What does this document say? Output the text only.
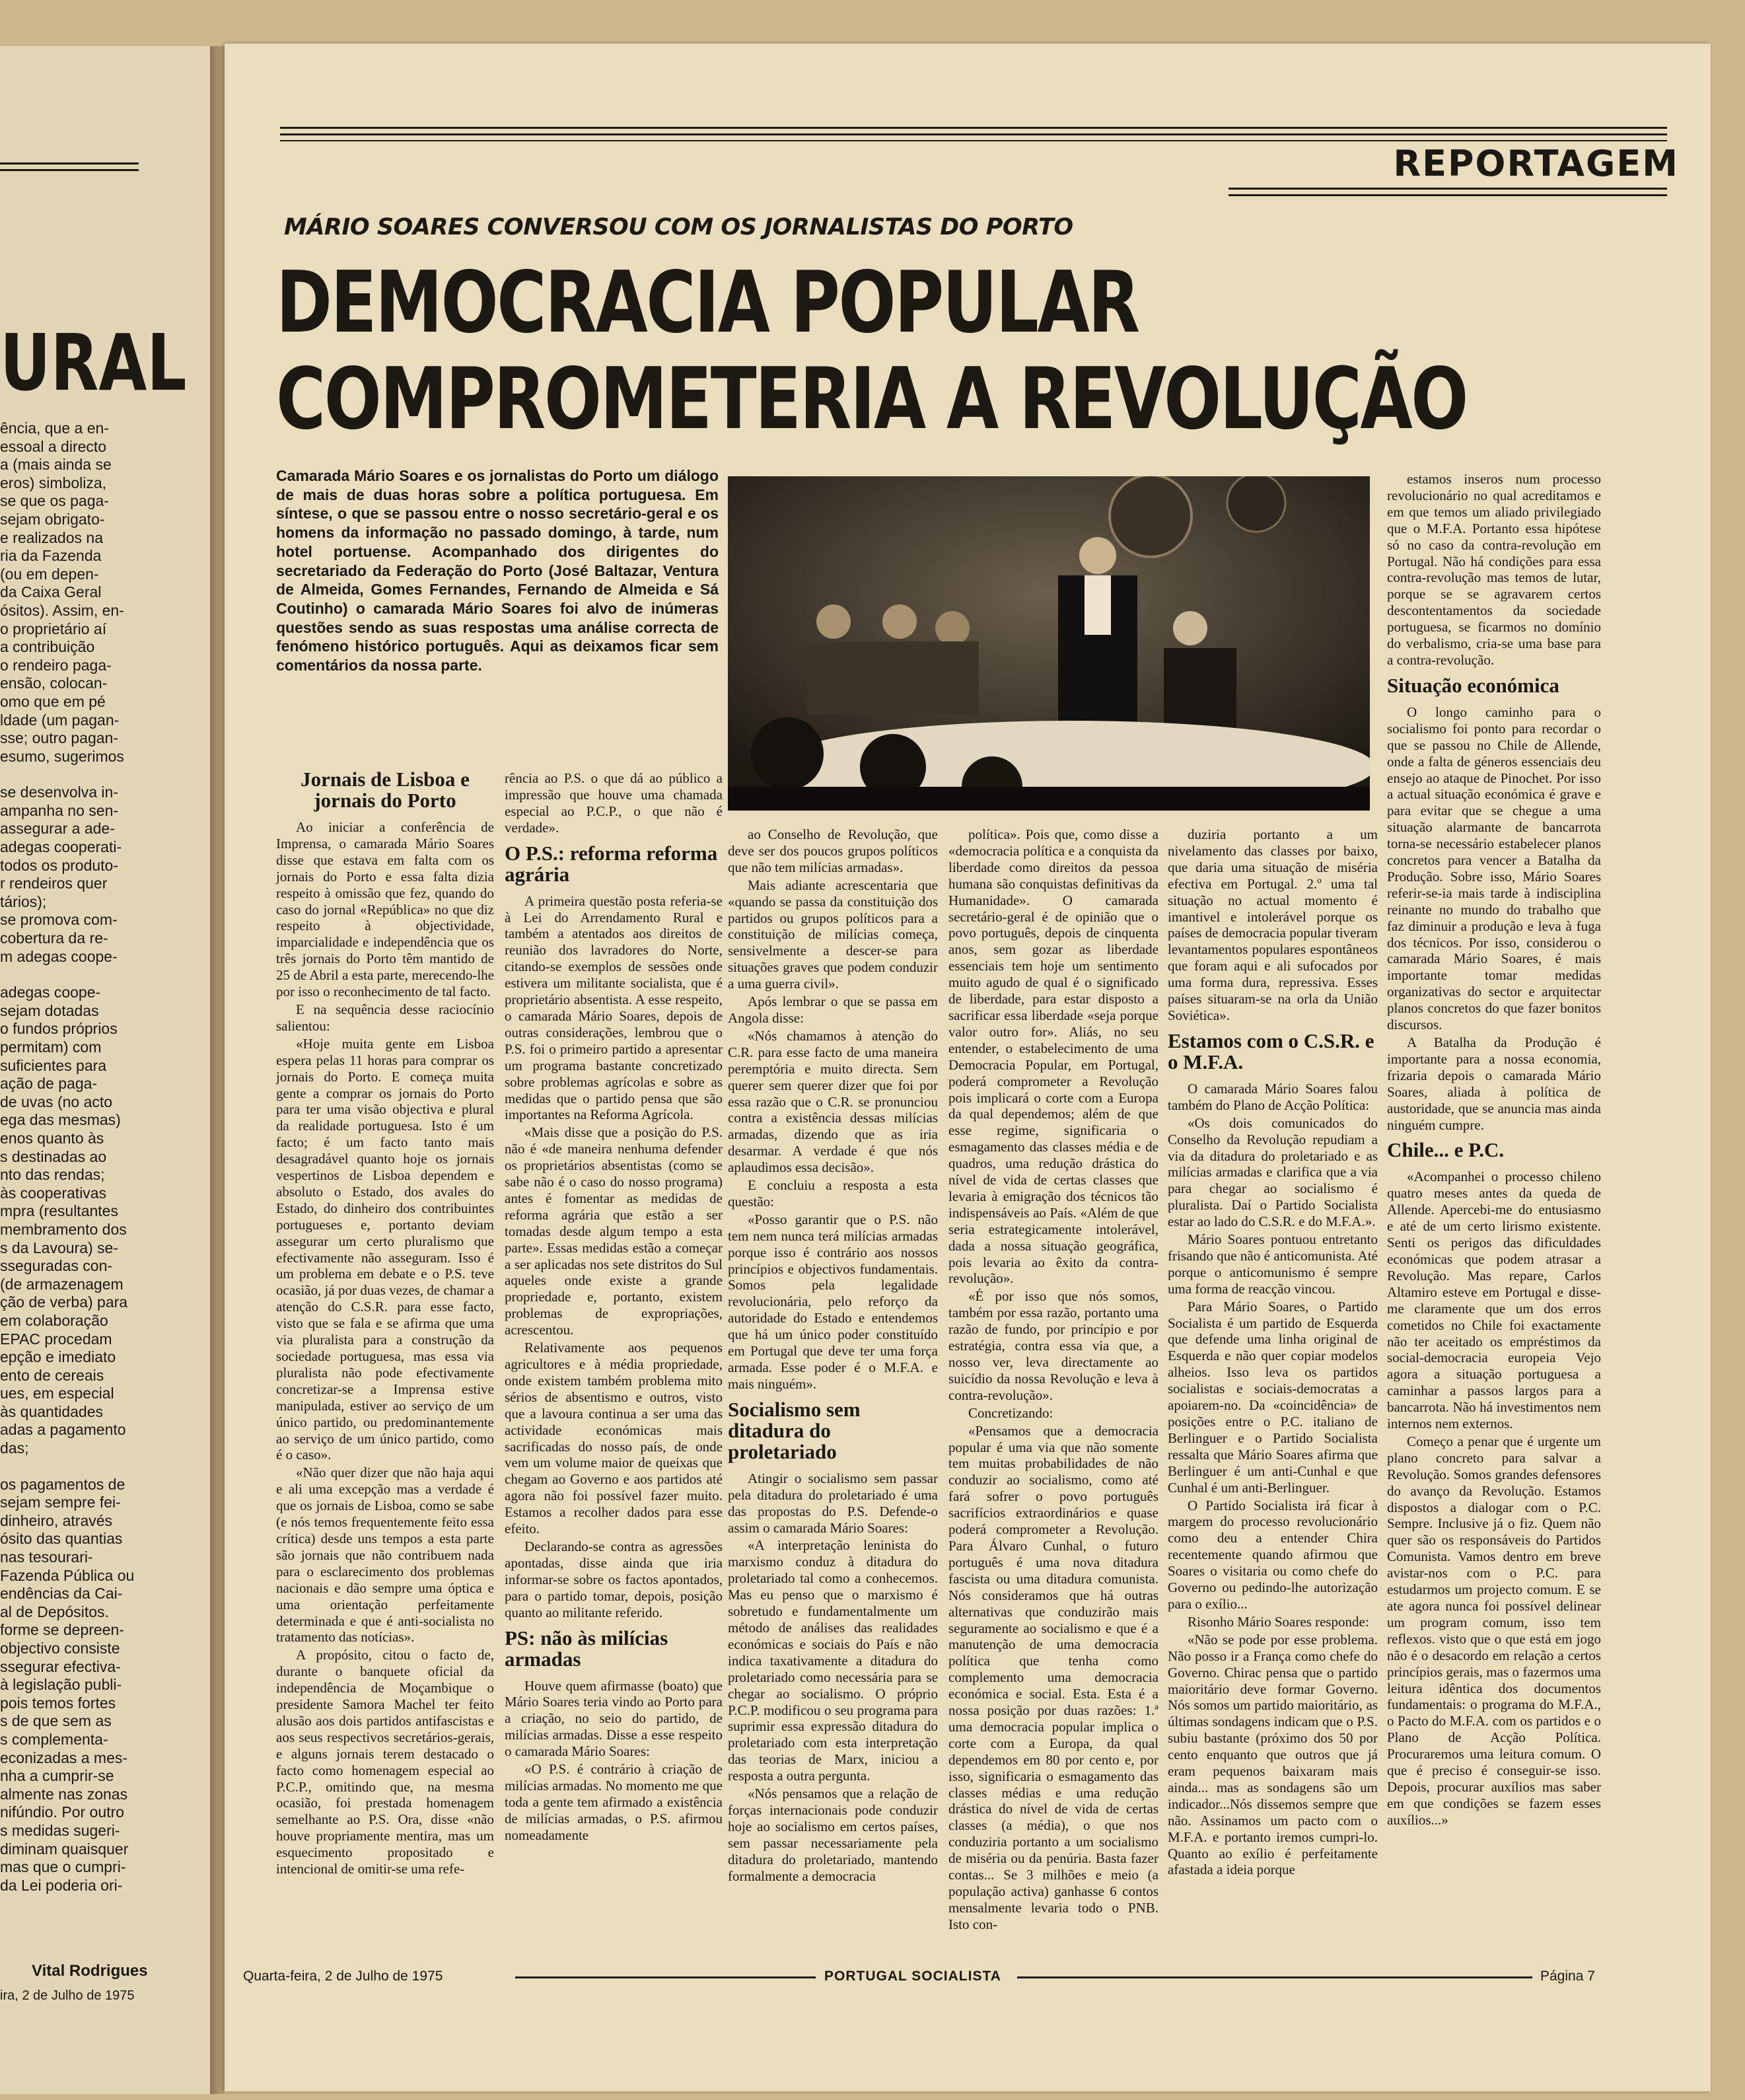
URAL

ência, que a en-

essoal a directo

a (mais ainda se

eros) simboliza,

se que os paga-

sejam obrigato-

e realizados na

ria da Fazenda

(ou em depen-

da Caixa Geral

ósitos). Assim, en-

o proprietário aí

a contribuição

o rendeiro paga-

ensão, colocan-

omo que em pé

ldade (um pagan-

sse; outro pagan-

esumo, sugerimos

se desenvolva in-

ampanha no sen-

assegurar a ade-

adegas cooperati-

todos os produto-

r rendeiros quer

tários);

se promova com-

cobertura da re-

m adegas coope-

adegas coope-

sejam dotadas

o fundos próprios

permitam) com

suficientes para

ação de paga-

de uvas (no acto

ega das mesmas)

enos quanto às

s destinadas ao

nto das rendas;

às cooperativas

mpra (resultantes

membramento dos

s da Lavoura) se-

sseguradas con-

(de armazenagem

ção de verba) para

em colaboração

EPAC procedam

epção e imediato

ento de cereais

ues, em especial

às quantidades

adas a pagamento

das;

os pagamentos de

sejam sempre fei-

dinheiro, através

ósito das quantias

nas tesourari-

Fazenda Pública ou

endências da Cai-

al de Depósitos.

forme se depreen-

objectivo consiste

ssegurar efectiva-

à legislação publi-

pois temos fortes

s de que sem as

s complementa-

econizadas a mes-

nha a cumprir-se

almente nas zonas

nifúndio. Por outro

s medidas sugeri-

diminam quaisquer

mas que o cumpri-

da Lei poderia ori-

Vital Rodrigues
ira, 2 de Julho de 1975
REPORTAGEM
MÁRIO SOARES CONVERSOU COM OS JORNALISTAS DO PORTO
DEMOCRACIA POPULAR
COMPROMETERIA A REVOLUÇÃO
Camarada Mário Soares e os jornalistas do Porto um diálogo de mais de duas horas sobre a política portuguesa. Em síntese, o que se passou entre o nosso secretário-geral e os homens da informação no passado domingo, à tarde, num hotel portuense. Acompanhado dos dirigentes do secretariado da Federação do Porto (José Baltazar, Ventura de Almeida, Gomes Fernandes, Fernando de Almeida e Sá Coutinho) o camarada Mário Soares foi alvo de inúmeras questões sendo as suas respostas uma análise correcta de fenómeno histórico português. Aqui as deixamos ficar sem comentários da nossa parte.
Jornais de Lisboa e jornais do Porto

Ao iniciar a conferência de Imprensa, o camarada Mário Soares disse que estava em falta com os jornais do Porto e essa falta dizia respeito à omissão que fez, quando do caso do jornal «República» no que diz respeito à objectividade, imparcialidade e independência que os três jornais do Porto têm mantido de 25 de Abril a esta parte, merecendo-lhe por isso o reconhecimento de tal facto.

E na sequência desse raciocínio salientou:

«Hoje muita gente em Lisboa espera pelas 11 horas para comprar os jornais do Porto. E começa muita gente a comprar os jornais do Porto para ter uma visão objectiva e plural da realidade portuguesa. Isto é um facto; é um facto tanto mais desagradável quanto hoje os jornais vespertinos de Lisboa dependem e absoluto o Estado, dos avales do Estado, do dinheiro dos contribuintes portugueses e, portanto deviam assegurar um certo pluralismo que efectivamente não asseguram. Isso é um problema em debate e o P.S. teve ocasião, já por duas vezes, de chamar a atenção do C.S.R. para esse facto, visto que se fala e se afirma que uma via pluralista para a construção da sociedade portuguesa, mas essa via pluralista não pode efectivamente concretizar-se a Imprensa estive manipulada, estiver ao serviço de um único partido, ou predominantemente ao serviço de um único partido, como é o caso».

«Não quer dizer que não haja aqui e ali uma excepção mas a verdade é que os jornais de Lisboa, como se sabe (e nós temos frequentemente feito essa crítica) desde uns tempos a esta parte são jornais que não contribuem nada para o esclarecimento dos problemas nacionais e dão sempre uma óptica e uma orientação perfeitamente determinada e que é anti-socialista no tratamento das notícias».

A propósito, citou o facto de, durante o banquete oficial da independência de Moçambique o presidente Samora Machel ter feito alusão aos dois partidos antifascistas e aos seus respectivos secretários-gerais, e alguns jornais terem destacado o facto como homenagem especial ao P.C.P., omitindo que, na mesma ocasião, foi prestada homenagem semelhante ao P.S. Ora, disse «não houve propriamente mentira, mas um esquecimento propositado e intencional de omitir-se uma refe-

rência ao P.S. o que dá ao público a impressão que houve uma chamada especial ao P.C.P., o que não é verdade».

O P.S.: reforma reforma agrária

A primeira questão posta referia-se à Lei do Arrendamento Rural e também a atentados aos direitos de reunião dos lavradores do Norte, citando-se exemplos de sessões onde estivera um militante socialista, que é proprietário absentista. A esse respeito, o camarada Mário Soares, depois de outras considerações, lembrou que o P.S. foi o primeiro partido a apresentar um programa bastante concretizado sobre problemas agrícolas e sobre as medidas que o partido pensa que são importantes na Reforma Agrícola.

«Mais disse que a posição do P.S. não é «de maneira nenhuma defender os proprietários absentistas (como se sabe não é o caso do nosso programa) antes é fomentar as medidas de reforma agrária que estão a ser tomadas desde algum tempo a esta parte». Essas medidas estão a começar a ser aplicadas nos sete distritos do Sul aqueles onde existe a grande propriedade e, portanto, existem problemas de expropriações, acrescentou.

Relativamente aos pequenos agricultores e à média propriedade, onde existem também problema mito sérios de absentismo e outros, visto que a lavoura continua a ser uma das actividade económicas mais sacrificadas do nosso país, de onde vem um volume maior de queixas que chegam ao Governo e aos partidos até agora não foi possível fazer muito. Estamos a recolher dados para esse efeito.

Declarando-se contra as agressões apontadas, disse ainda que iria informar-se sobre os factos apontados, para o partido tomar, depois, posição quanto ao militante referido.

PS: não às milícias armadas

Houve quem afirmasse (boato) que Mário Soares teria vindo ao Porto para a criação, no seio do partido, de milícias armadas. Disse a esse respeito o camarada Mário Soares:

«O P.S. é contrário à criação de milícias armadas. No momento me que toda a gente tem afirmado a existência de milícias armadas, o P.S. afirmou nomeadamente

ao Conselho de Revolução, que deve ser dos poucos grupos políticos que não tem milícias armadas».

Mais adiante acrescentaria que «quando se passa da constituição dos partidos ou grupos políticos para a constituição de milícias começa, sensivelmente a descer-se para situações graves que podem conduzir a uma guerra civil».

Após lembrar o que se passa em Angola disse:

«Nós chamamos à atenção do C.R. para esse facto de uma maneira peremptória e muito directa. Sem querer sem querer dizer que foi por essa razão que o C.R. se pronunciou contra a existência dessas milícias armadas, dizendo que as iria desarmar. A verdade é que nós aplaudimos essa decisão».

E concluiu a resposta a esta questão:

«Posso garantir que o P.S. não tem nem nunca terá milícias armadas porque isso é contrário aos nossos princípios e objectivos fundamentais. Somos pela legalidade revolucionária, pelo reforço da autoridade do Estado e entendemos que há um único poder constituído em Portugal que deve ter uma força armada. Esse poder é o M.F.A. e mais ninguém».

Socialismo sem ditadura do proletariado

Atingir o socialismo sem passar pela ditadura do proletariado é uma das propostas do P.S. Defende-o assim o camarada Mário Soares:

«A interpretação leninista do marxismo conduz à ditadura do proletariado tal como a conhecemos. Mas eu penso que o marxismo é sobretudo e fundamentalmente um método de análises das realidades económicas e sociais do País e não indica taxativamente a ditadura do proletariado como necessária para se chegar ao socialismo. O próprio P.C.P. modificou o seu programa para suprimir essa expressão ditadura do proletariado com esta interpretação das teorias de Marx, iniciou a resposta a outra pergunta.

«Nós pensamos que a relação de forças internacionais pode conduzir hoje ao socialismo em certos países, sem passar necessariamente pela ditadura do proletariado, mantendo formalmente a democracia

política». Pois que, como disse a «democracia política e a conquista da liberdade como direitos da pessoa humana são conquistas definitivas da Humanidade». O camarada secretário-geral é de opinião que o povo português, depois de cinquenta anos, sem gozar as liberdade essenciais tem hoje um sentimento muito agudo de qual é o significado de liberdade, para estar disposto a sacrificar essa liberdade «seja porque valor outro for». Aliás, no seu entender, o estabelecimento de uma Democracia Popular, em Portugal, poderá comprometer a Revolução pois implicará o corte com a Europa da qual dependemos; além de que esse regime, significaria o esmagamento das classes média e de quadros, uma redução drástica do nível de vida de certas classes que levaria à emigração dos técnicos tão indispensáveis ao País. «Além de que seria estrategicamente intolerável, dada a nossa situação geográfica, pois levaria ao êxito da contra-revolução».

«É por isso que nós somos, também por essa razão, portanto uma razão de fundo, por princípio e por estratégia, contra essa via que, a nosso ver, leva directamente ao suicídio da nossa Revolução e leva à contra-revolução».

Concretizando:

«Pensamos que a democracia popular é uma via que não somente tem muitas probabilidades de não conduzir ao socialismo, como até fará sofrer o povo português sacrifícios extraordinários e quase poderá comprometer a Revolução. Para Álvaro Cunhal, o futuro português é uma nova ditadura fascista ou uma ditadura comunista. Nós consideramos que há outras alternativas que conduzirão mais seguramente ao socialismo e que é a manutenção de uma democracia política que tenha como complemento uma democracia económica e social. Esta. Esta é a nossa posição por duas razões: 1.ª uma democracia popular implica o corte com a Europa, da qual dependemos em 80 por cento e, por isso, significaria o esmagamento das classes médias e uma redução drástica do nível de vida de certas classes (a média), o que nos conduziria portanto a um socialismo de miséria ou da penúria. Basta fazer contas... Se 3 milhões e meio (a população activa) ganhasse 6 contos mensalmente levaria todo o PNB. Isto con-

duziria portanto a um nivelamento das classes por baixo, que daria uma situação de miséria efectiva em Portugal. 2.º uma tal situação no actual momento é imantivel e intolerável porque os países de democracia popular tiveram levantamentos populares espontâneos que foram aqui e ali sufocados por uma forma dura, repressiva. Esses países situaram-se na orla da União Soviética».

Estamos com o C.S.R. e o M.F.A.

O camarada Mário Soares falou também do Plano de Acção Política:

«Os dois comunicados do Conselho da Revolução repudiam a via da ditadura do proletariado e as milícias armadas e clarifica que a via para chegar ao socialismo é pluralista. Daí o Partido Socialista estar ao lado do C.S.R. e do M.F.A.».

Mário Soares pontuou entretanto frisando que não é anticomunista. Até porque o anticomunismo é sempre uma forma de reacção vincou.

Para Mário Soares, o Partido Socialista é um partido de Esquerda que defende uma linha original de Esquerda e não quer copiar modelos alheios. Isso leva os partidos socialistas e sociais-democratas a apoiarem-no. Da «coincidência» de posições entre o P.C. italiano de Berlinguer e o Partido Socialista ressalta que Mário Soares afirma que Berlinguer é um anti-Cunhal e que Cunhal é um anti-Berlinguer.

O Partido Socialista irá ficar à margem do processo revolucionário como deu a entender Chira recentemente quando afirmou que Soares o visitaria ou como chefe do Governo ou pedindo-lhe autorização para o exílio...

Risonho Mário Soares responde:

«Não se pode por esse problema. Não posso ir a França como chefe do Governo. Chirac pensa que o partido maioritário deve formar Governo. Nós somos um partido maioritário, as últimas sondagens indicam que o P.S. subiu bastante (próximo dos 50 por cento enquanto que outros que já eram pequenos baixaram mais ainda... mas as sondagens são um indicador...Nós dissemos sempre que não. Assinamos um pacto com o M.F.A. e portanto iremos cumpri-lo. Quanto ao exílio é perfeitamente afastada a ideia porque

estamos inseros num processo revolucionário no qual acreditamos e em que temos um aliado privilegiado que o M.F.A. Portanto essa hipótese só no caso da contra-revolução em Portugal. Não há condições para essa contra-revolução mas temos de lutar, porque se se agravarem certos descontentamentos da sociedade portuguesa, se ficarmos no domínio do verbalismo, cria-se uma base para a contra-revolução.

Situação económica

O longo caminho para o socialismo foi ponto para recordar o que se passou no Chile de Allende, onde a falta de géneros essenciais deu ensejo ao ataque de Pinochet. Por isso a actual situação económica é grave e para evitar que se chegue a uma situação alarmante de bancarrota torna-se necessário estabelecer planos concretos para vencer a Batalha da Produção. Sobre isso, Mário Soares referir-se-ia mais tarde à indisciplina reinante no mundo do trabalho que faz diminuir a produção e leva à fuga dos técnicos. Por isso, considerou o camarada Mário Soares, é mais importante tomar medidas organizativas do sector e arquitectar planos concretos do que fazer bonitos discursos.

A Batalha da Produção é importante para a nossa economia, frizaria depois o camarada Mário Soares, aliada à política de austoridade, que se anuncia mas ainda ninguém cumpre.

Chile... e P.C.

«Acompanhei o processo chileno quatro meses antes da queda de Allende. Apercebi-me do entusiasmo e até de um certo lirismo existente. Senti os perigos das dificuldades económicas que podem atrasar a Revolução. Mas repare, Carlos Altamiro esteve em Portugal e disse-me claramente que um dos erros cometidos no Chile foi exactamente não ter aceitado os empréstimos da social-democracia europeia Vejo agora a situação portuguesa a caminhar a passos largos para a bancarrota. Não há investimentos nem internos nem externos.

Começo a penar que é urgente um plano concreto para salvar a Revolução. Somos grandes defensores do avanço da Revolução. Estamos dispostos a dialogar com o P.C. Sempre. Inclusive já o fiz. Quem não quer são os responsáveis do Partidos Comunista. Vamos dentro em breve avistar-nos com o P.C. para estudarmos um projecto comum. E se ate agora nunca foi possível delinear um program comum, isso tem reflexos. visto que o que está em jogo não é o desacordo em relação a certos princípios gerais, mas o fazermos uma leitura idêntica dos documentos fundamentais: o programa do M.F.A., o Pacto do M.F.A. com os partidos e o Plano de Acção Política. Procuraremos uma leitura comum. O que é preciso é conseguir-se isso. Depois, procurar auxílios mas saber em que condições se fazem esses auxílios...»

Quarta-feira, 2 de Julho de 1975	PORTUGAL SOCIALISTA	Página 7
